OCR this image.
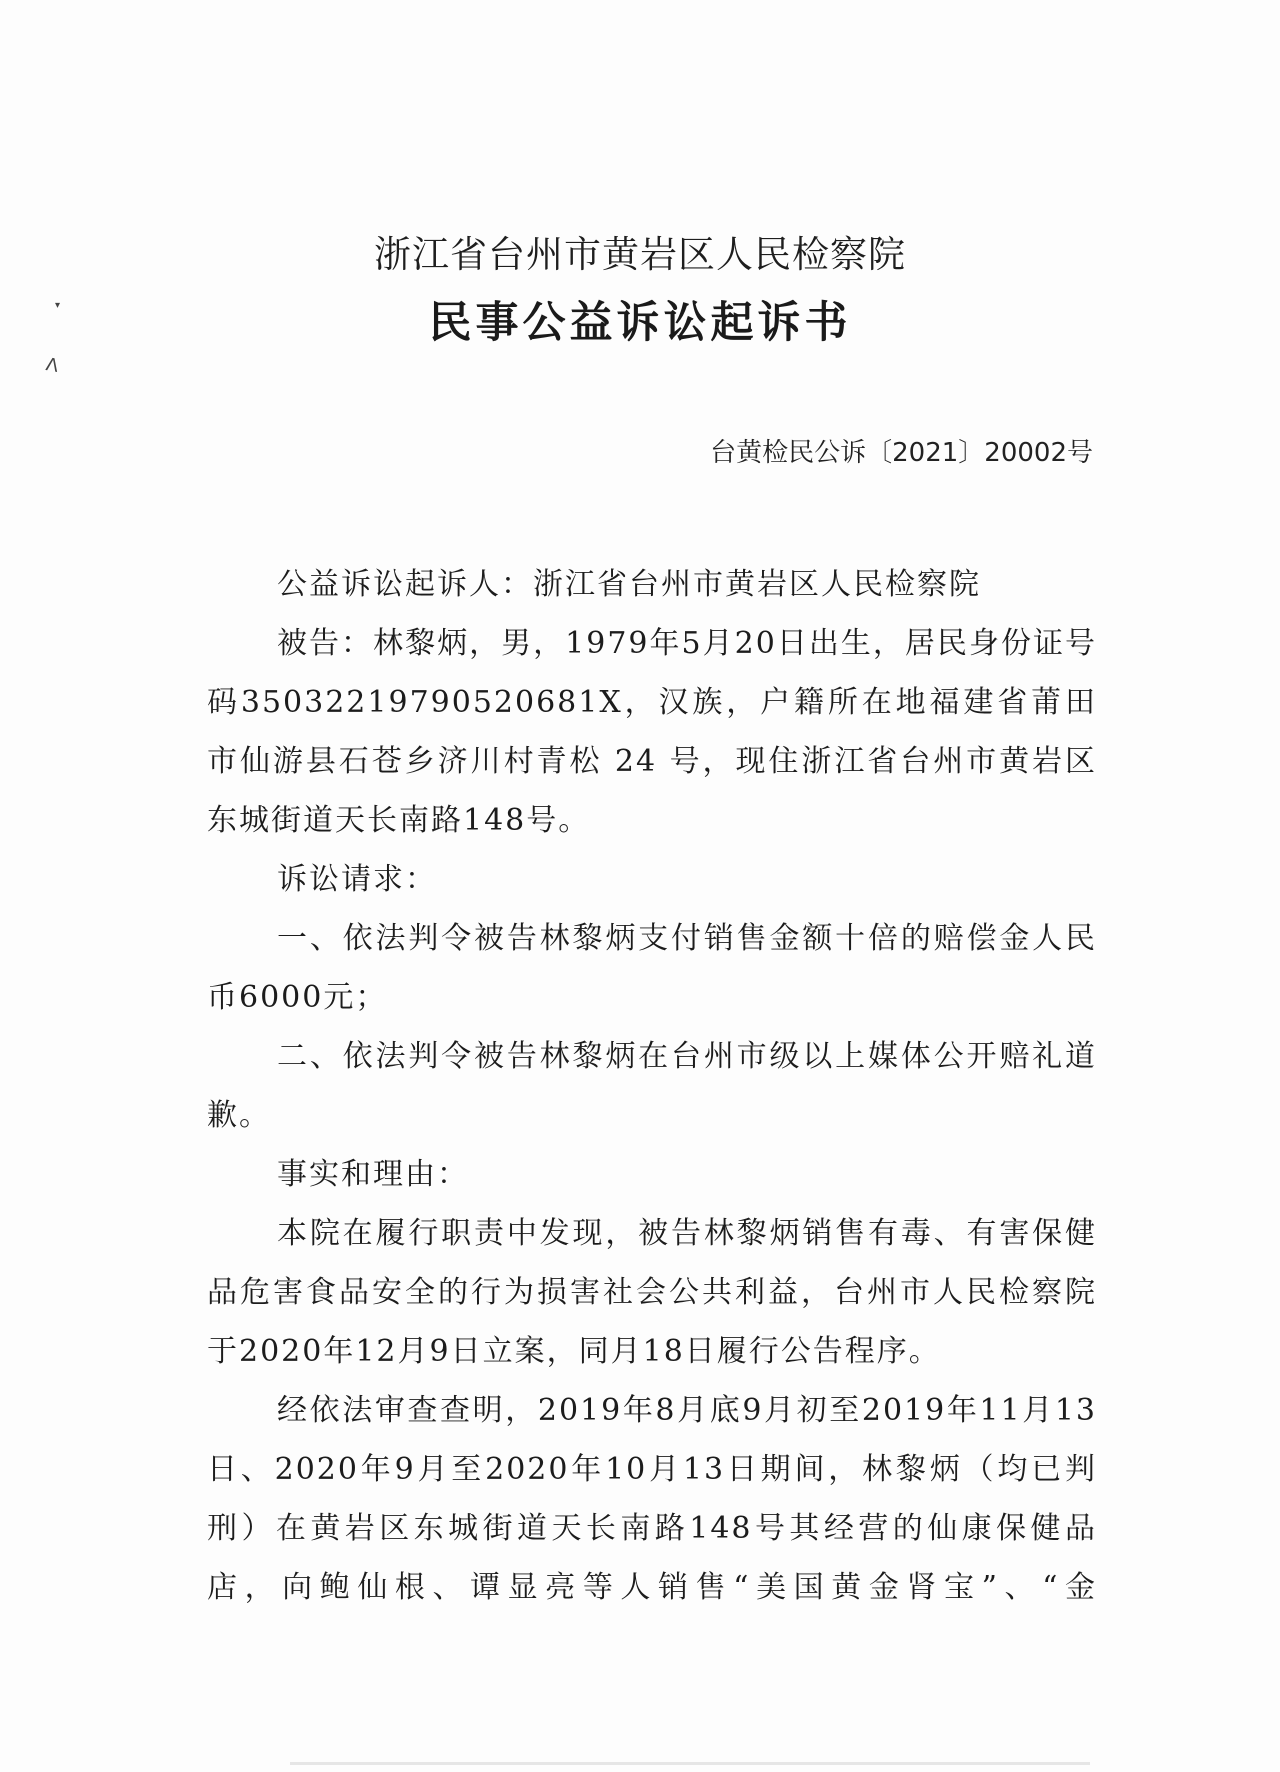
▾
ᐱ
浙江省台州市黄岩区人民检察院
民事公益诉讼起诉书
台黄检民公诉〔2021〕20002号

公益诉讼起诉人：浙江省台州市黄岩区人民检察院

被告：林黎炳，男，1979年5月20日出生，居民身份证号码35032219790520681X，汉族，户籍所在地福建省莆田市仙游县石苍乡济川村青松 24 号，现住浙江省台州市黄岩区东城街道天长南路148号。

诉讼请求：

一、依法判令被告林黎炳支付销售金额十倍的赔偿金人民币6000元；

二、依法判令被告林黎炳在台州市级以上媒体公开赔礼道歉。

事实和理由：

本院在履行职责中发现，被告林黎炳销售有毒、有害保健品危害食品安全的行为损害社会公共利益，台州市人民检察院于2020年12月9日立案，同月18日履行公告程序。

经依法审查查明，2019年8月底9月初至2019年11月13日、2020年9月至2020年10月13日期间，林黎炳（均已判刑）在黄岩区东城街道天长南路148号其经营的仙康保健品店，向鲍仙根、谭显亮等人销售“美国黄金肾宝”、“金
